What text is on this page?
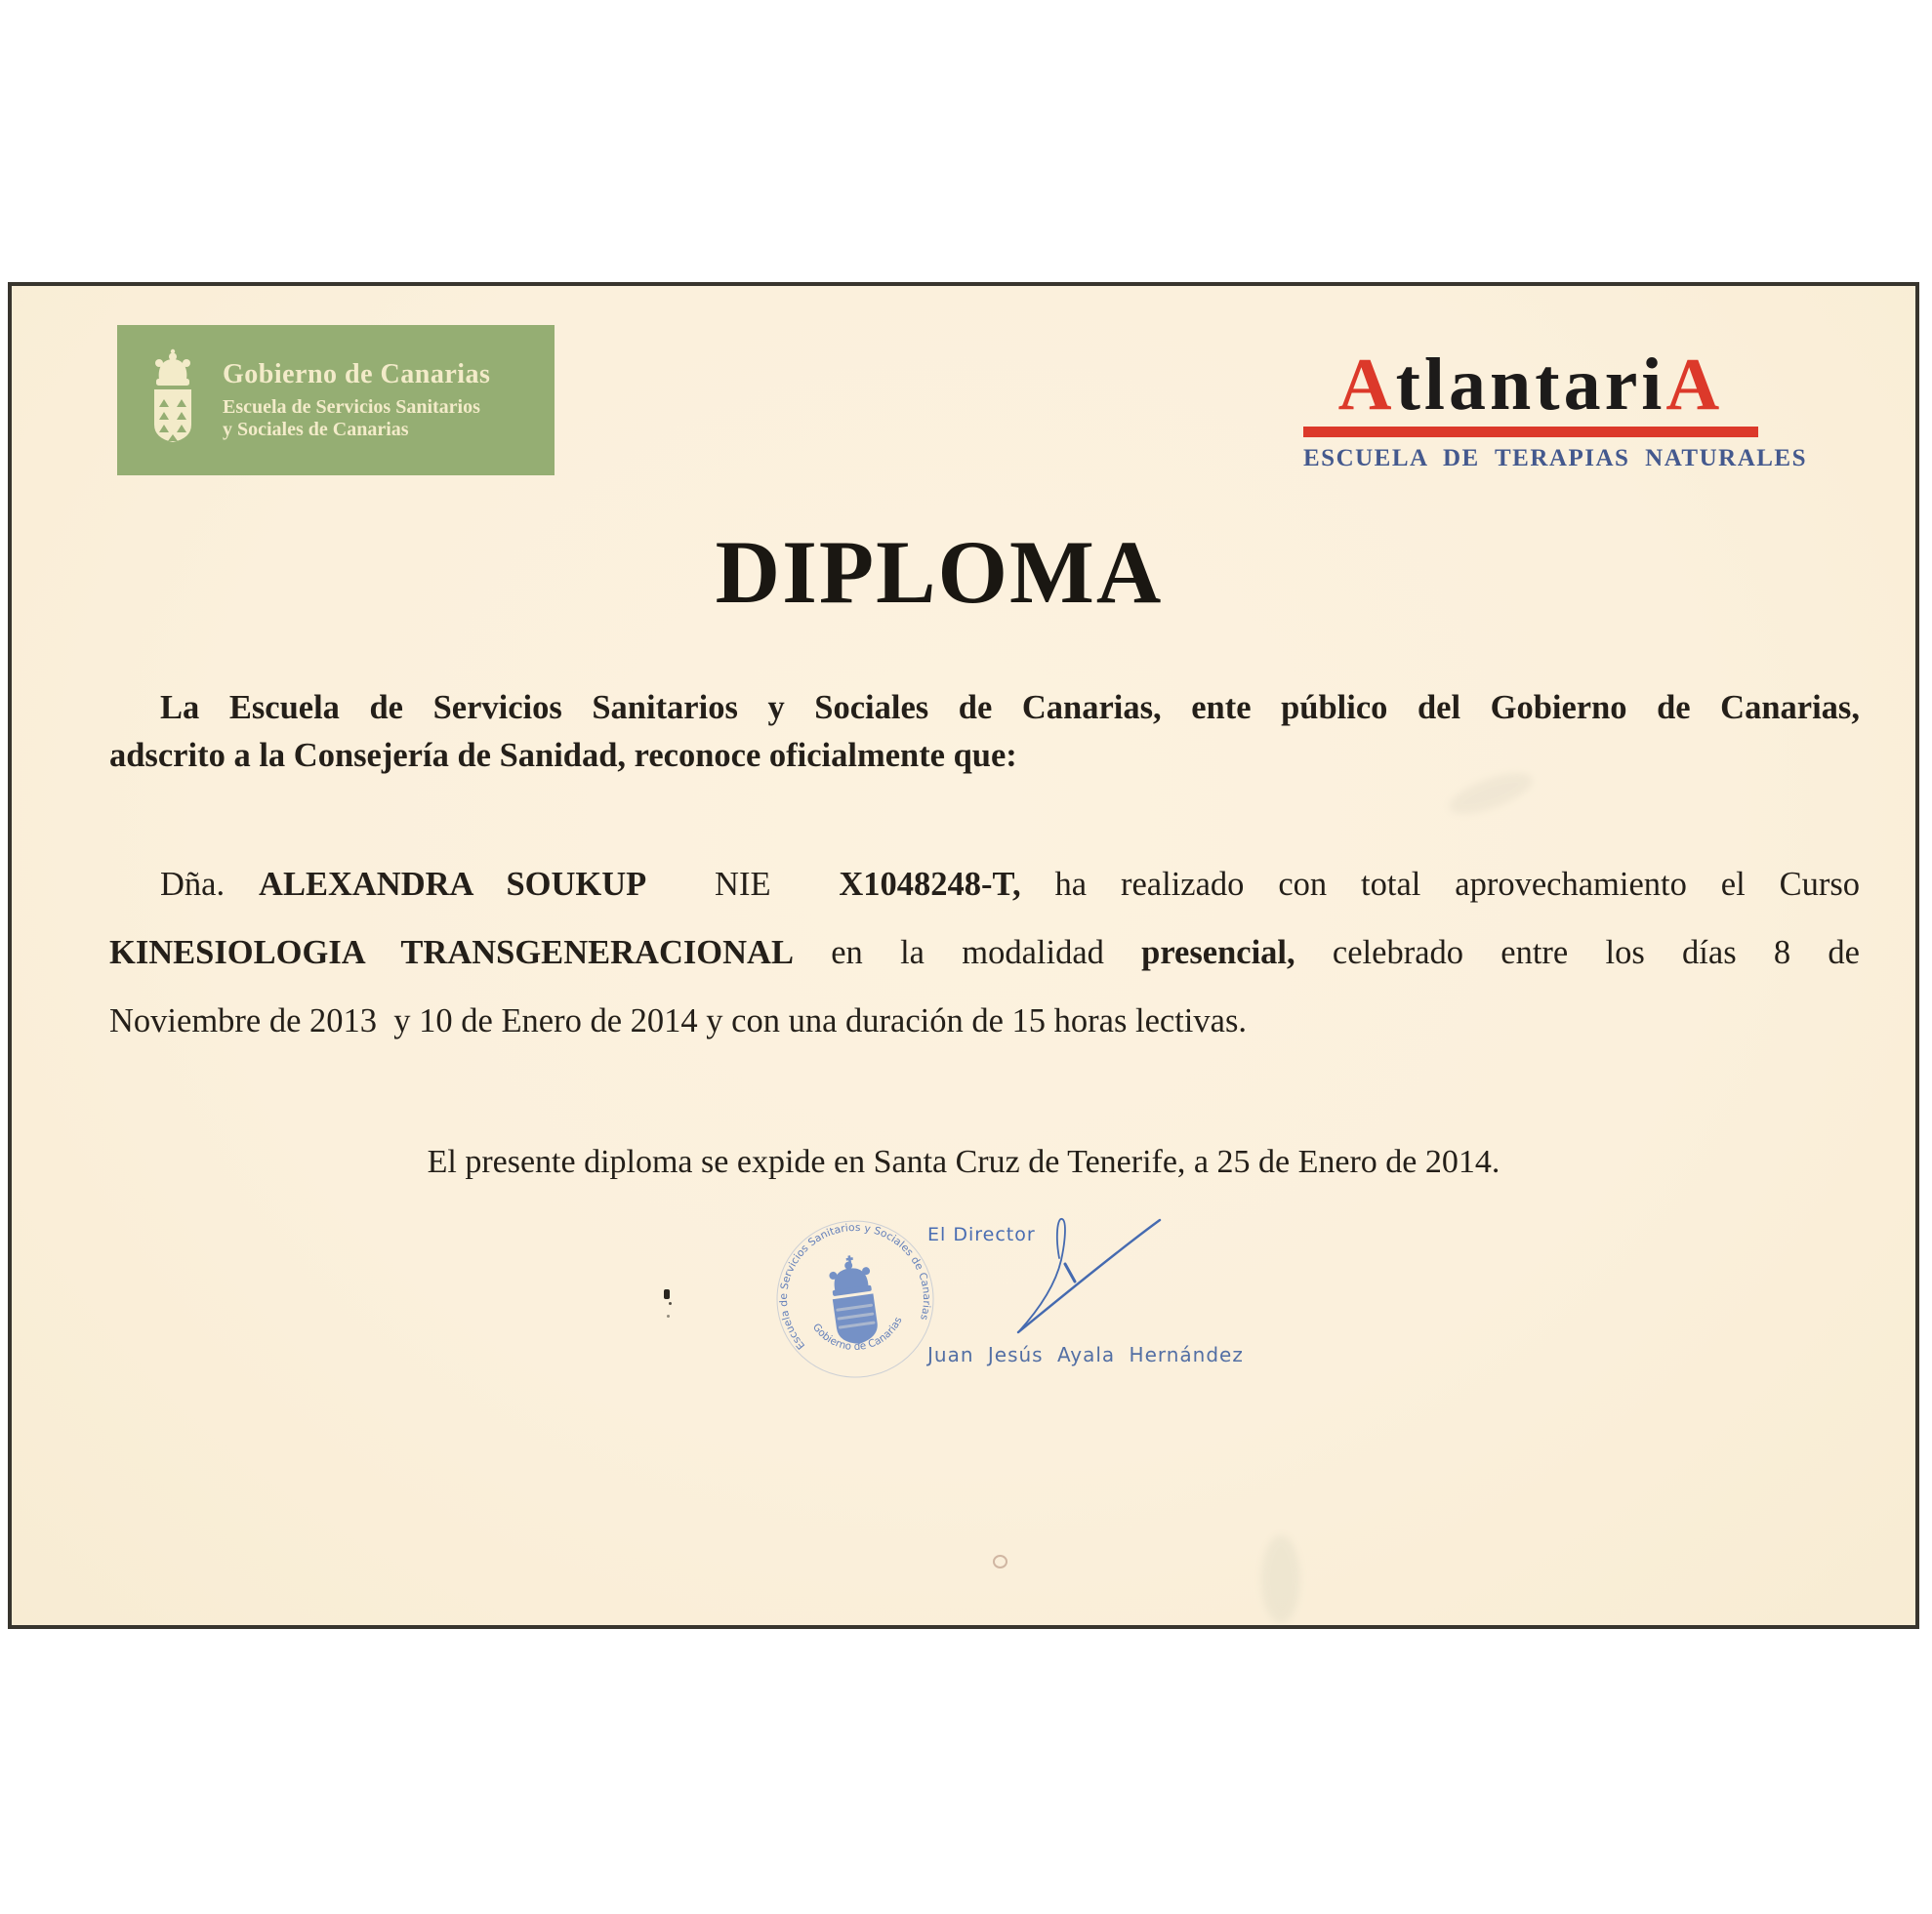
Gobierno de Canarias
Escuela de Servicios Sanitarios
y Sociales de Canarias
AtlantariA
ESCUELA DE TERAPIAS NATURALES
DIPLOMA
La Escuela de Servicios Sanitarios y Sociales de Canarias, ente público del Gobierno de Canarias,
adscrito a la Consejería de Sanidad, reconoce oficialmente que:
Dña. ALEXANDRA SOUKUP  NIE  X1048248-T, ha realizado con total aprovechamiento el Curso
KINESIOLOGIA TRANSGENERACIONAL en la modalidad presencial, celebrado entre los días 8 de
Noviembre de 2013  y 10 de Enero de 2014 y con una duración de 15 horas lectivas.
El presente diploma se expide en Santa Cruz de Tenerife, a 25 de Enero de 2014.
Escuela de Servicios Sanitarios y Sociales de Canarias
Gobierno de Canarias
El Director
Juan Jesús Ayala Hernández
